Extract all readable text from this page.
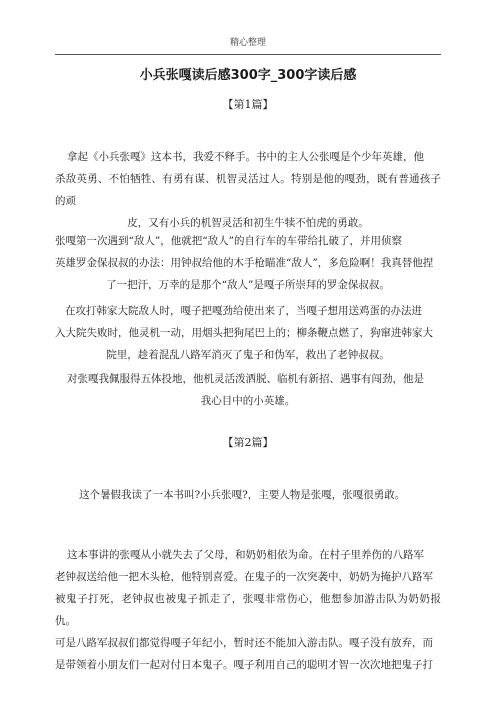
精心整理
小兵张嘎读后感300字_300字读后感
【第1篇】

拿起《小兵张嘎》这本书，我爱不释手。书中的主人公张嘎是个少年英雄，他

杀敌英勇、不怕牺牲、有勇有谋、机智灵活过人。特别是他的嘎劲，既有普通孩子的顽

皮，又有小兵的机智灵活和初生牛犊不怕虎的勇敢。

张嘎第一次遇到“敌人”，他就把“敌人”的自行车的车带给扎破了，并用侦察

英雄罗金保叔叔的办法：用钟叔给他的木手枪瞄准“敌人”，多危险啊！我真替他捏

了一把汗，万幸的是那个“敌人”是嘎子所崇拜的罗金保叔叔。

在攻打韩家大院敌人时，嘎子把嘎劲给使出来了，当嘎子想用送鸡蛋的办法进

入大院失败时，他灵机一动，用烟头把狗尾巴上的；柳条鞭点燃了，狗窜进韩家大

院里，趁着混乱八路军消灭了鬼子和伪军，救出了老钟叔叔。

对张嘎我佩服得五体投地，他机灵活泼洒脱、临机有新招、遇事有闯劲，他是

我心目中的小英雄。

【第2篇】

这个暑假我读了一本书叫?小兵张嘎?，主要人物是张嘎，张嘎很勇敢。

这本事讲的张嘎从小就失去了父母，和奶奶相依为命。在村子里养伤的八路军

老钟叔送给他一把木头枪，他特别喜爱。在鬼子的一次突袭中，奶奶为掩护八路军

被鬼子打死，老钟叔也被鬼子抓走了，张嘎非常伤心，他想参加游击队为奶奶报仇。

可是八路军叔叔们都觉得嘎子年纪小，暂时还不能加入游击队。嘎子没有放弃，而

是带领着小朋友们一起对付日本鬼子。嘎子利用自己的聪明才智一次次地把鬼子打
